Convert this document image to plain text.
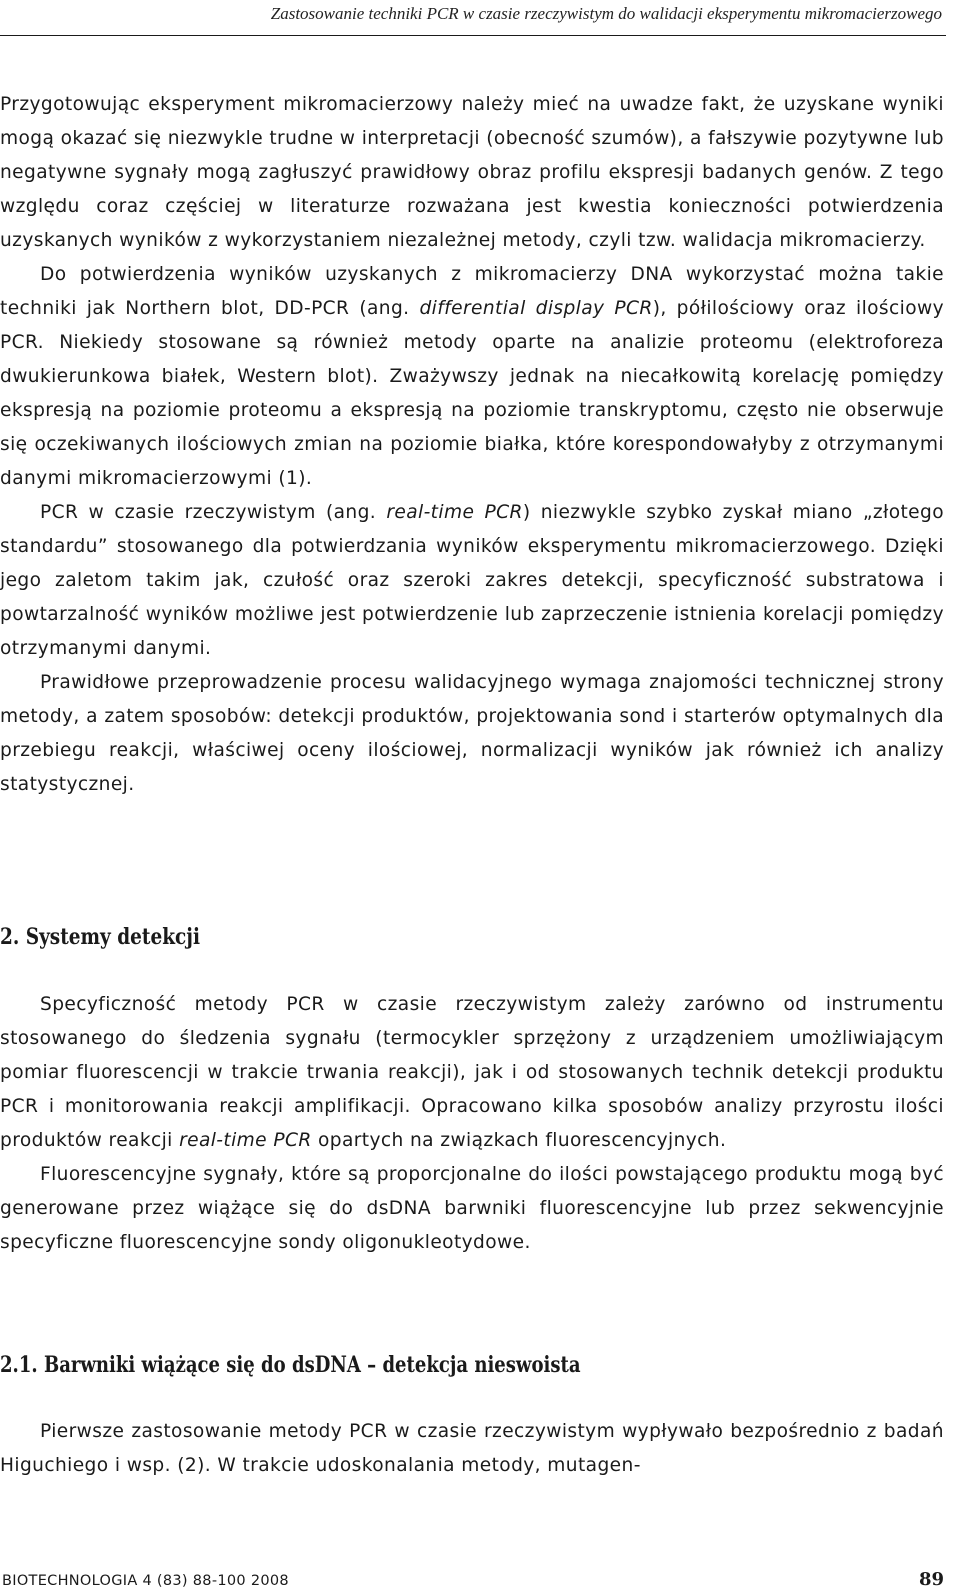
Zastosowanie techniki PCR w czasie rzeczywistym do walidacji eksperymentu mikromacierzowego

Przygotowując eksperyment mikromacierzowy należy mieć na uwadze fakt, że uzyskane wyniki mogą okazać się niezwykle trudne w interpretacji (obecność szumów), a fałszywie pozytywne lub negatywne sygnały mogą zagłuszyć prawidłowy obraz profilu ekspresji badanych genów. Z tego względu coraz częściej w literaturze rozważana jest kwestia konieczności potwierdzenia uzyskanych wyników z wykorzystaniem niezależnej metody, czyli tzw. walidacja mikromacierzy.

Do potwierdzenia wyników uzyskanych z mikromacierzy DNA wykorzystać można takie techniki jak Northern blot, DD-PCR (ang. differential display PCR), półilościowy oraz ilościowy PCR. Niekiedy stosowane są również metody oparte na analizie proteomu (elektroforeza dwukierunkowa białek, Western blot). Zważywszy jednak na niecałkowitą korelację pomiędzy ekspresją na poziomie proteomu a ekspresją na poziomie transkryptomu, często nie obserwuje się oczekiwanych ilościowych zmian na poziomie białka, które korespondowałyby z otrzymanymi danymi mikromacierzowymi (1).

PCR w czasie rzeczywistym (ang. real-time PCR) niezwykle szybko zyskał miano „złotego standardu” stosowanego dla potwierdzania wyników eksperymentu mikromacierzowego. Dzięki jego zaletom takim jak, czułość oraz szeroki zakres detekcji, specyficzność substratowa i powtarzalność wyników możliwe jest potwierdzenie lub zaprzeczenie istnienia korelacji pomiędzy otrzymanymi danymi.

Prawidłowe przeprowadzenie procesu walidacyjnego wymaga znajomości technicznej strony metody, a zatem sposobów: detekcji produktów, projektowania sond i starterów optymalnych dla przebiegu reakcji, właściwej oceny ilościowej, normalizacji wyników jak również ich analizy statystycznej.

2. Systemy detekcji

Specyficzność metody PCR w czasie rzeczywistym zależy zarówno od instrumentu stosowanego do śledzenia sygnału (termocykler sprzężony z urządzeniem umożliwiającym pomiar fluorescencji w trakcie trwania reakcji), jak i od stosowanych technik detekcji produktu PCR i monitorowania reakcji amplifikacji. Opracowano kilka sposobów analizy przyrostu ilości produktów reakcji real-time PCR opartych na związkach fluorescencyjnych.

Fluorescencyjne sygnały, które są proporcjonalne do ilości powstającego produktu mogą być generowane przez wiążące się do dsDNA barwniki fluorescencyjne lub przez sekwencyjnie specyficzne fluorescencyjne sondy oligonukleotydowe.

2.1. Barwniki wiążące się do dsDNA – detekcja nieswoista

Pierwsze zastosowanie metody PCR w czasie rzeczywistym wypływało bezpośrednio z badań Higuchiego i wsp. (2). W trakcie udoskonalania metody, mutagen-

BIOTECHNOLOGIA 4 (83) 88-100 2008	89
